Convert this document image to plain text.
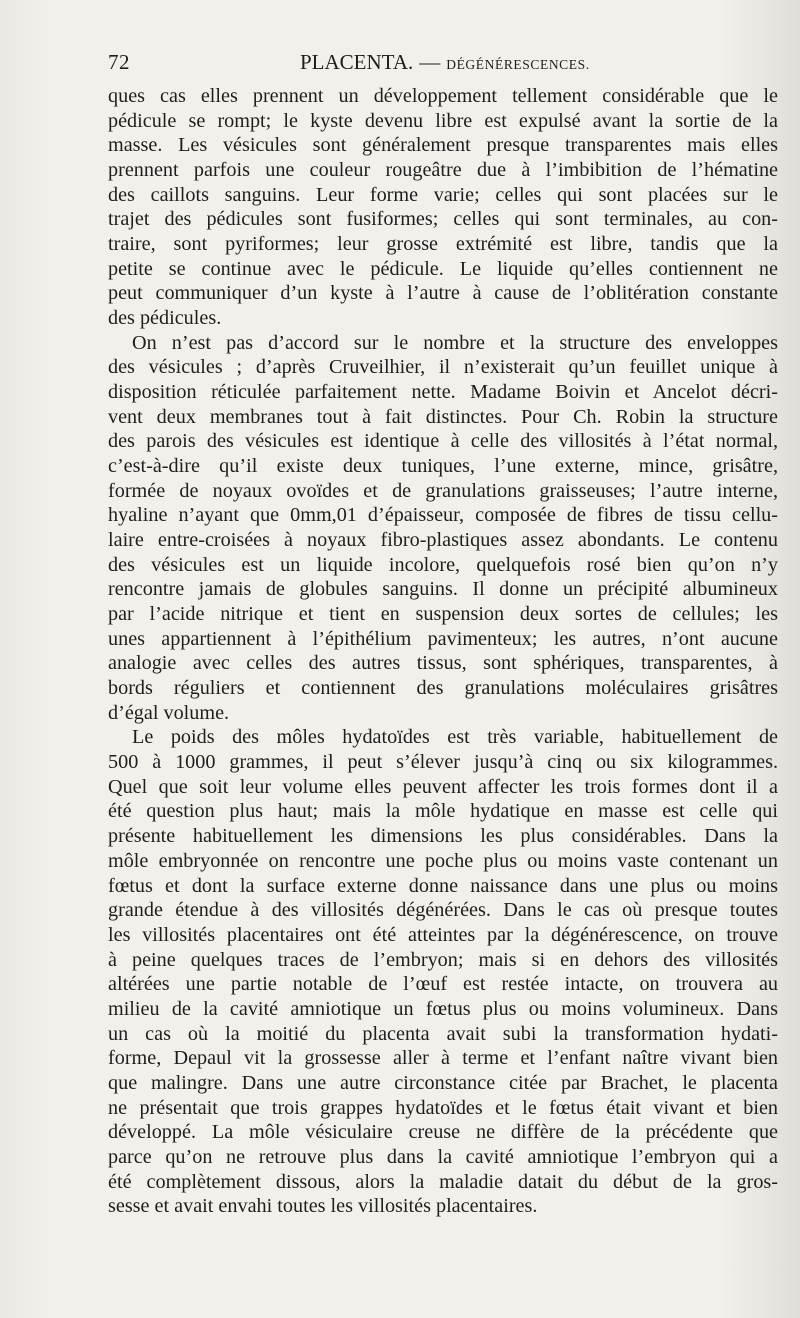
72	PLACENTA. — DÉGÉNÉRESCENCES.
ques cas elles prennent un développement tellement considérable que le
pédicule se rompt; le kyste devenu libre est expulsé avant la sortie de la
masse. Les vésicules sont généralement presque transparentes mais elles
prennent parfois une couleur rougeâtre due à l’imbibition de l’hématine
des caillots sanguins. Leur forme varie; celles qui sont placées sur le
trajet des pédicules sont fusiformes; celles qui sont terminales, au con-
traire, sont pyriformes; leur grosse extrémité est libre, tandis que la
petite se continue avec le pédicule. Le liquide qu’elles contiennent ne
peut communiquer d’un kyste à l’autre à cause de l’oblitération constante
des pédicules.
On n’est pas d’accord sur le nombre et la structure des enveloppes
des vésicules ; d’après Cruveilhier, il n’existerait qu’un feuillet unique à
disposition réticulée parfaitement nette. Madame Boivin et Ancelot décri-
vent deux membranes tout à fait distinctes. Pour Ch. Robin la structure
des parois des vésicules est identique à celle des villosités à l’état normal,
c’est-à-dire qu’il existe deux tuniques, l’une externe, mince, grisâtre,
formée de noyaux ovoïdes et de granulations graisseuses; l’autre interne,
hyaline n’ayant que 0mm,01 d’épaisseur, composée de fibres de tissu cellu-
laire entre-croisées à noyaux fibro-plastiques assez abondants. Le contenu
des vésicules est un liquide incolore, quelquefois rosé bien qu’on n’y
rencontre jamais de globules sanguins. Il donne un précipité albumineux
par l’acide nitrique et tient en suspension deux sortes de cellules; les
unes appartiennent à l’épithélium pavimenteux; les autres, n’ont aucune
analogie avec celles des autres tissus, sont sphériques, transparentes, à
bords réguliers et contiennent des granulations moléculaires grisâtres
d’égal volume.
Le poids des môles hydatoïdes est très variable, habituellement de
500 à 1000 grammes, il peut s’élever jusqu’à cinq ou six kilogrammes.
Quel que soit leur volume elles peuvent affecter les trois formes dont il a
été question plus haut; mais la môle hydatique en masse est celle qui
présente habituellement les dimensions les plus considérables. Dans la
môle embryonnée on rencontre une poche plus ou moins vaste contenant un
fœtus et dont la surface externe donne naissance dans une plus ou moins
grande étendue à des villosités dégénérées. Dans le cas où presque toutes
les villosités placentaires ont été atteintes par la dégénérescence, on trouve
à peine quelques traces de l’embryon; mais si en dehors des villosités
altérées une partie notable de l’œuf est restée intacte, on trouvera au
milieu de la cavité amniotique un fœtus plus ou moins volumineux. Dans
un cas où la moitié du placenta avait subi la transformation hydati-
forme, Depaul vit la grossesse aller à terme et l’enfant naître vivant bien
que malingre. Dans une autre circonstance citée par Brachet, le placenta
ne présentait que trois grappes hydatoïdes et le fœtus était vivant et bien
développé. La môle vésiculaire creuse ne diffère de la précédente que
parce qu’on ne retrouve plus dans la cavité amniotique l’embryon qui a
été complètement dissous, alors la maladie datait du début de la gros-
sesse et avait envahi toutes les villosités placentaires.
